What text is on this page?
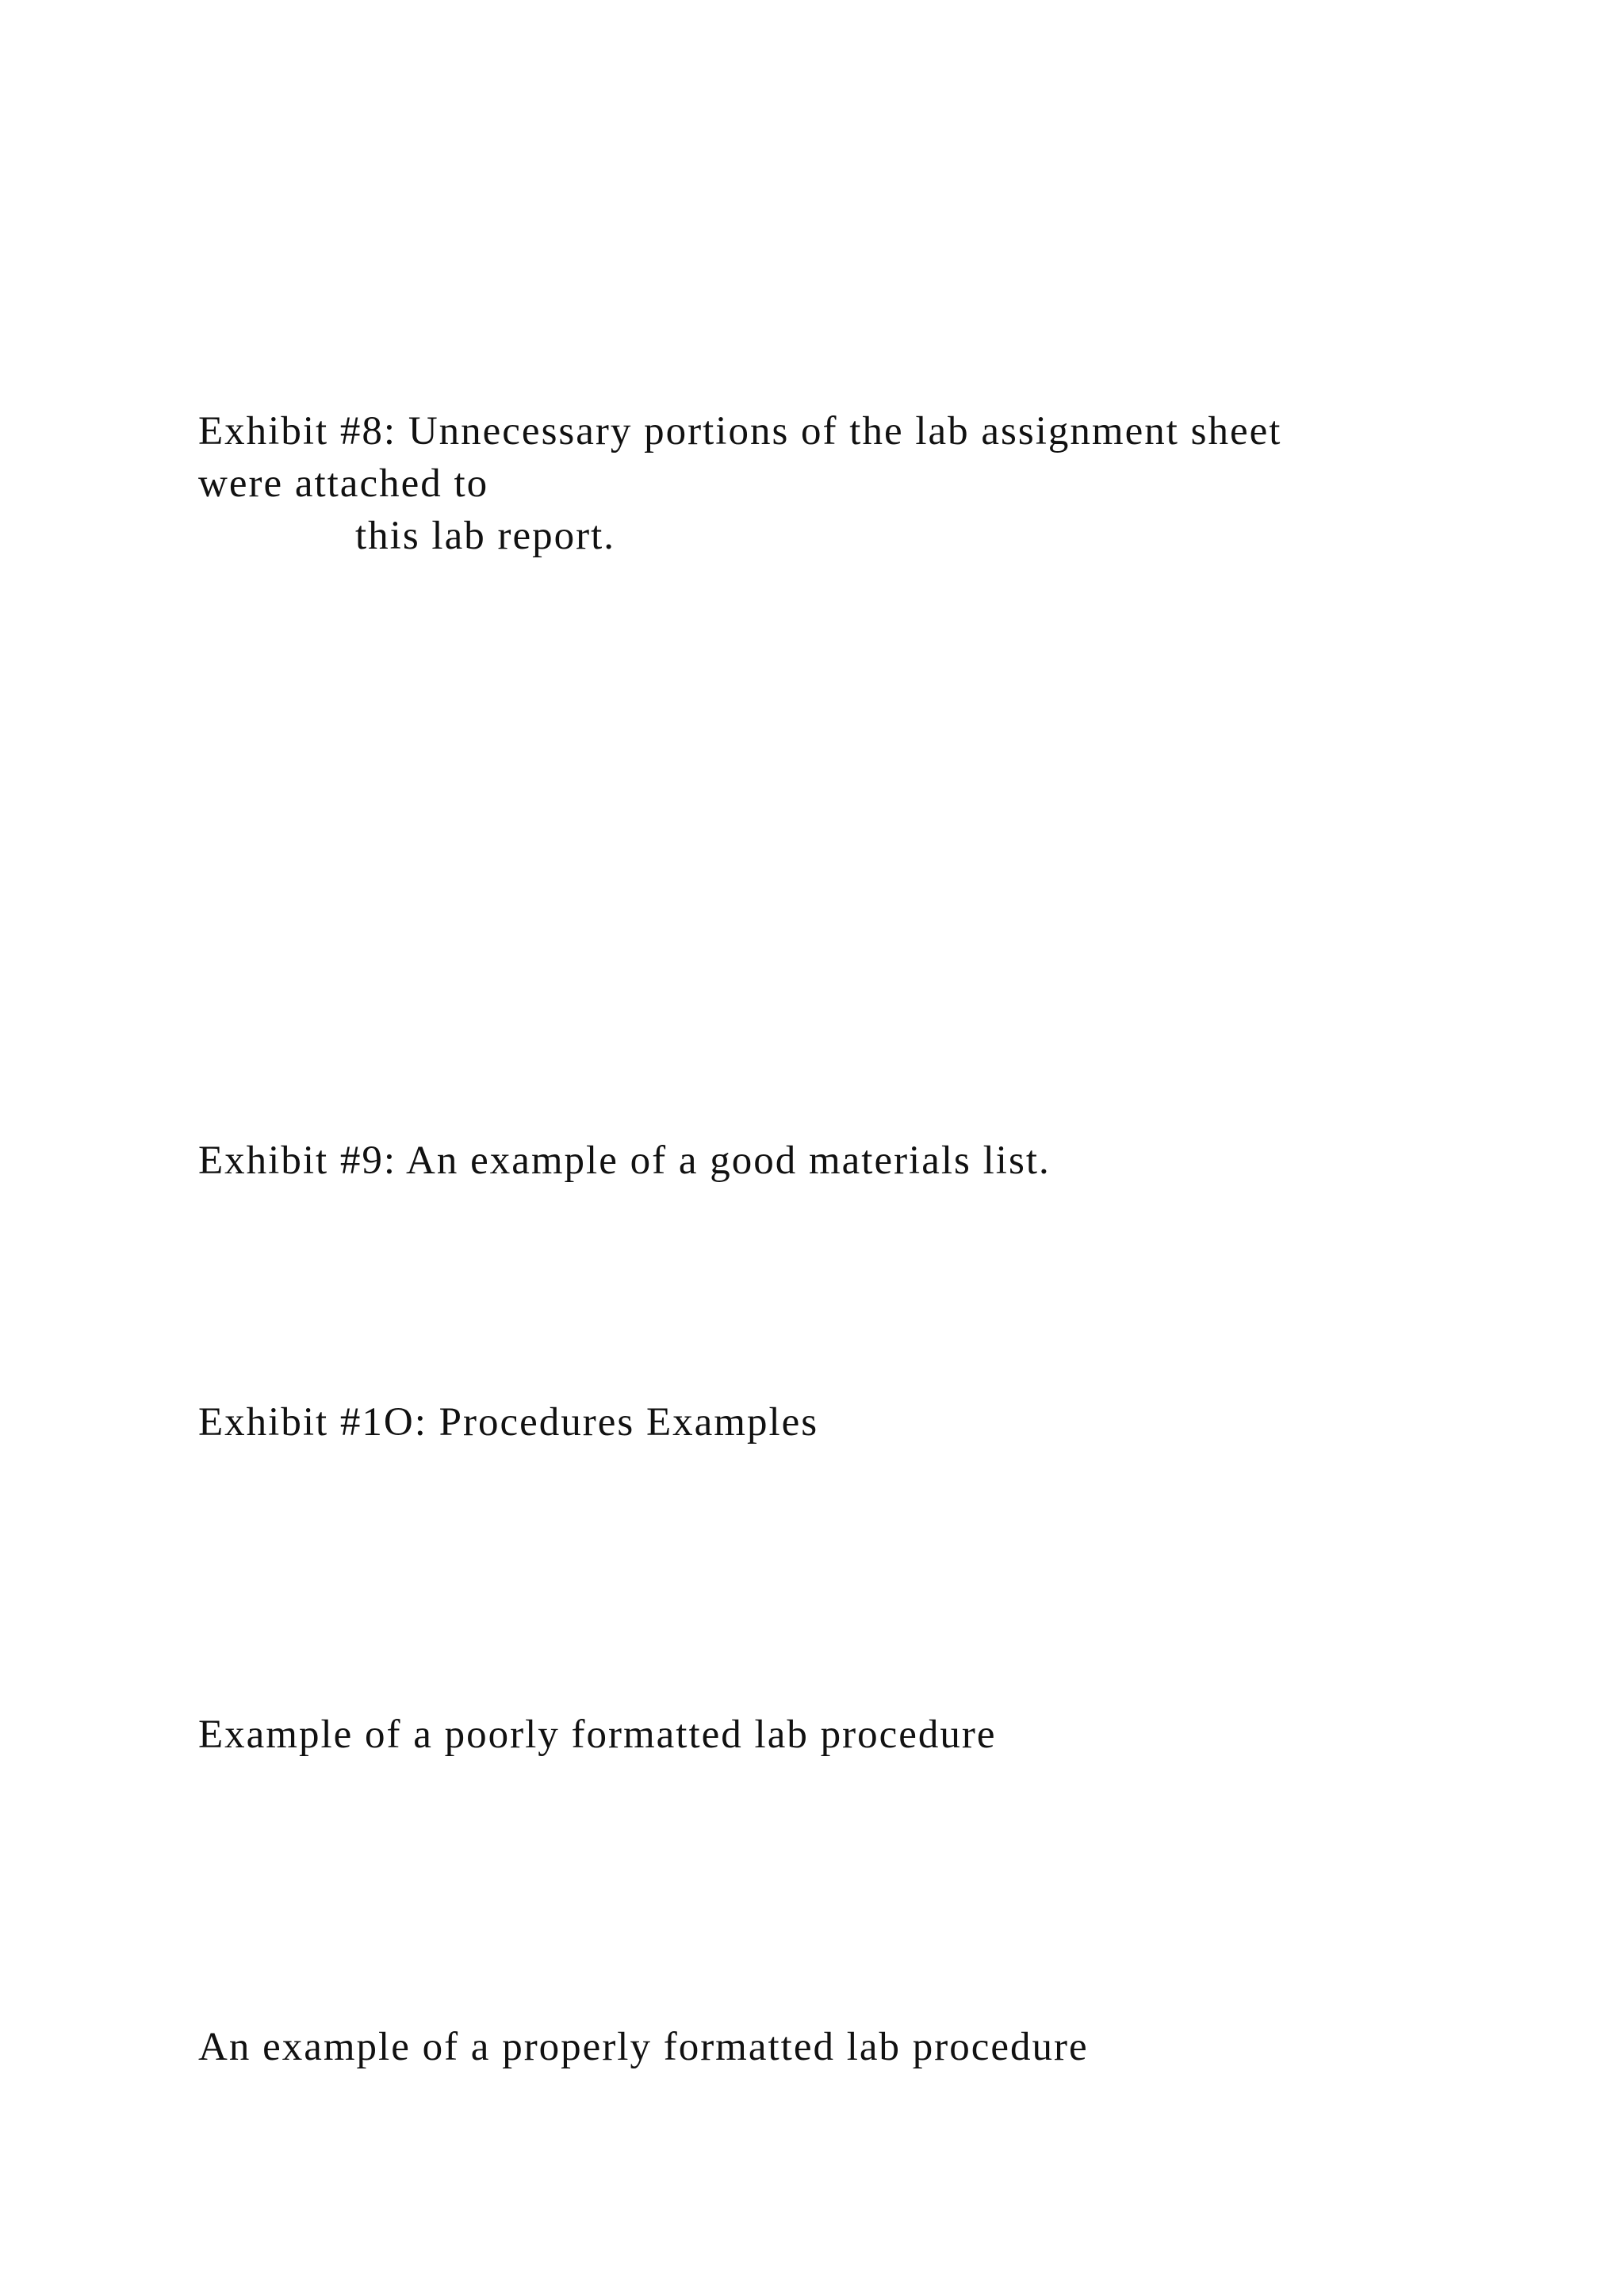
Exhibit #8: Unnecessary portions of the lab assignment sheet
were attached to
this lab report.
Exhibit #9: An example of a good materials list.
Exhibit #1O: Procedures Examples
Example of a poorly formatted lab procedure
An example of a properly formatted lab procedure
